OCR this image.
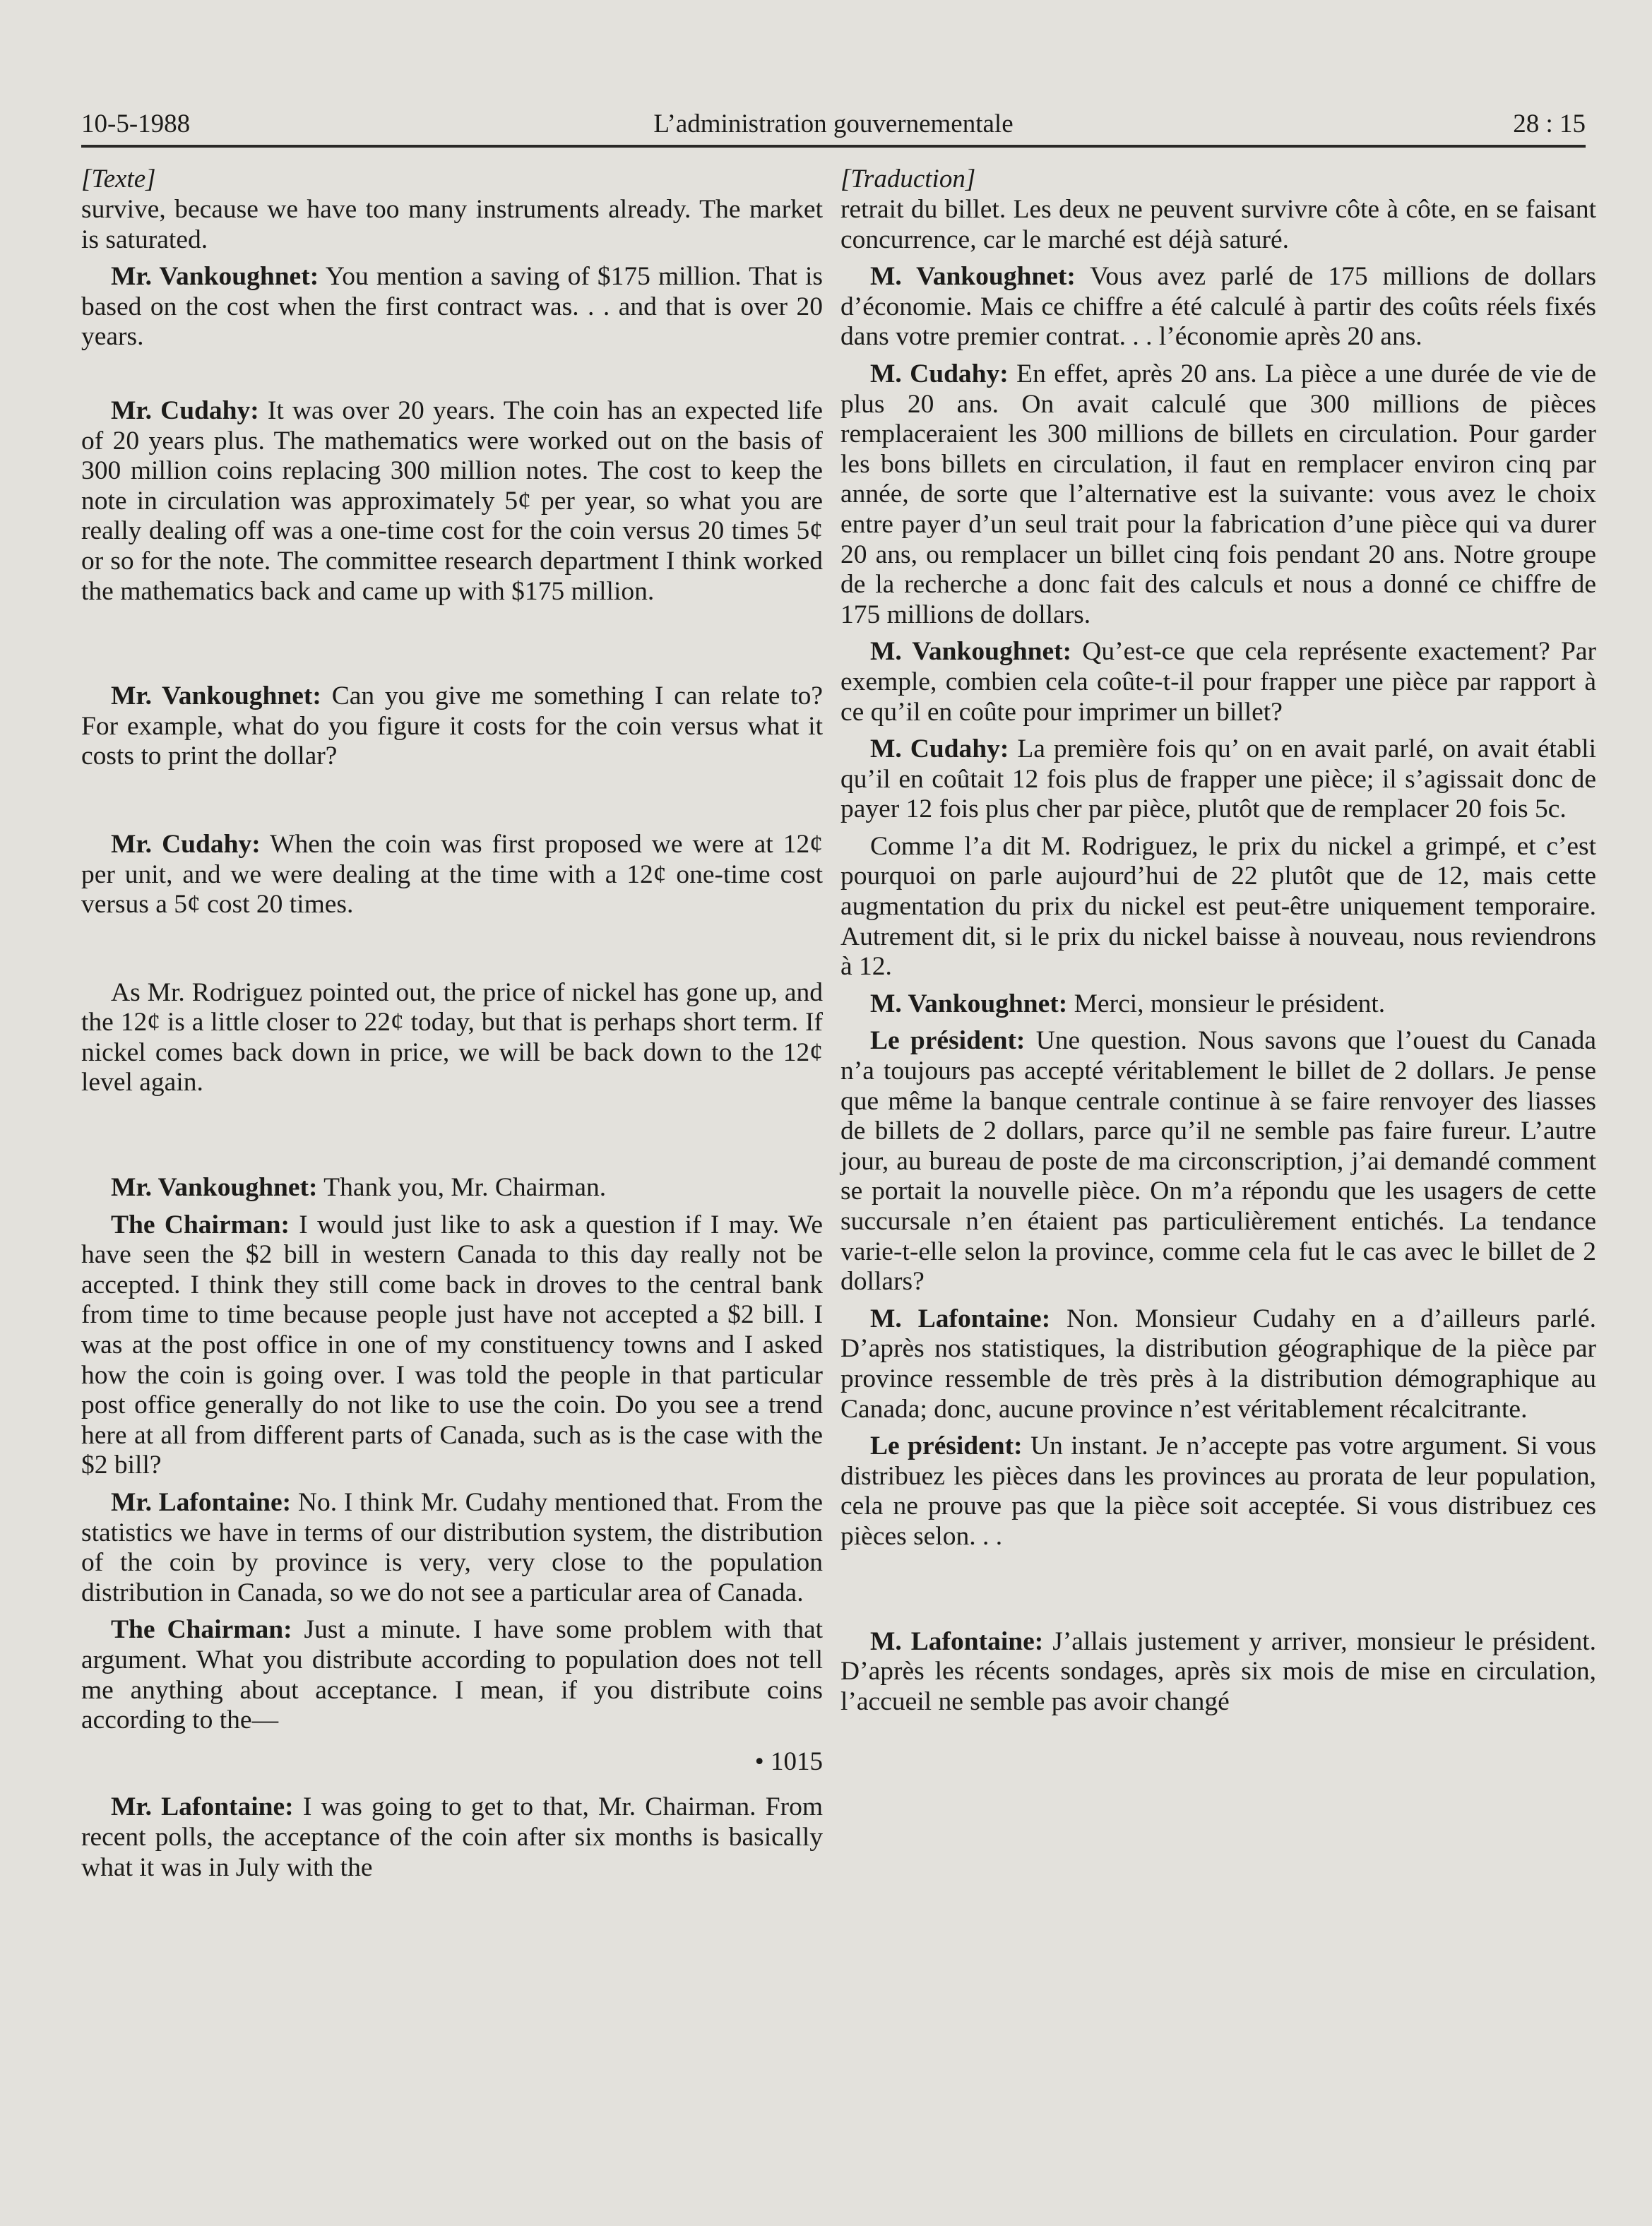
10-5-1988	L’administration gouvernementale	28 : 15
[Texte]

survive, because we have too many instruments already. The market is saturated.

Mr. Vankoughnet: You mention a saving of $175 million. That is based on the cost when the first contract was. . . and that is over 20 years.

Mr. Cudahy: It was over 20 years. The coin has an expected life of 20 years plus. The mathematics were worked out on the basis of 300 million coins replacing 300 million notes. The cost to keep the note in circulation was approximately 5¢ per year, so what you are really dealing off was a one-time cost for the coin versus 20 times 5¢ or so for the note. The committee research department I think worked the mathematics back and came up with $175 million.

Mr. Vankoughnet: Can you give me something I can relate to? For example, what do you figure it costs for the coin versus what it costs to print the dollar?

Mr. Cudahy: When the coin was first proposed we were at 12¢ per unit, and we were dealing at the time with a 12¢ one-time cost versus a 5¢ cost 20 times.

As Mr. Rodriguez pointed out, the price of nickel has gone up, and the 12¢ is a little closer to 22¢ today, but that is perhaps short term. If nickel comes back down in price, we will be back down to the 12¢ level again.

Mr. Vankoughnet: Thank you, Mr. Chairman.

The Chairman: I would just like to ask a question if I may. We have seen the $2 bill in western Canada to this day really not be accepted. I think they still come back in droves to the central bank from time to time because people just have not accepted a $2 bill. I was at the post office in one of my constituency towns and I asked how the coin is going over. I was told the people in that particular post office generally do not like to use the coin. Do you see a trend here at all from different parts of Canada, such as is the case with the $2 bill?

Mr. Lafontaine: No. I think Mr. Cudahy mentioned that. From the statistics we have in terms of our distribution system, the distribution of the coin by province is very, very close to the population distribution in Canada, so we do not see a particular area of Canada.

The Chairman: Just a minute. I have some problem with that argument. What you distribute according to population does not tell me anything about acceptance. I mean, if you distribute coins according to the—

• 1015

Mr. Lafontaine: I was going to get to that, Mr. Chairman. From recent polls, the acceptance of the coin after six months is basically what it was in July with the

[Traduction]

retrait du billet. Les deux ne peuvent survivre côte à côte, en se faisant concurrence, car le marché est déjà saturé.

M. Vankoughnet: Vous avez parlé de 175 millions de dollars d’économie. Mais ce chiffre a été calculé à partir des coûts réels fixés dans votre premier contrat. . . l’économie après 20 ans.

M. Cudahy: En effet, après 20 ans. La pièce a une durée de vie de plus 20 ans. On avait calculé que 300 millions de pièces remplaceraient les 300 millions de billets en circulation. Pour garder les bons billets en circulation, il faut en remplacer environ cinq par année, de sorte que l’alternative est la suivante: vous avez le choix entre payer d’un seul trait pour la fabrication d’une pièce qui va durer 20 ans, ou remplacer un billet cinq fois pendant 20 ans. Notre groupe de la recherche a donc fait des calculs et nous a donné ce chiffre de 175 millions de dollars.

M. Vankoughnet: Qu’est-ce que cela représente exactement? Par exemple, combien cela coûte-t-il pour frapper une pièce par rapport à ce qu’il en coûte pour imprimer un billet?

M. Cudahy: La première fois qu’ on en avait parlé, on avait établi qu’il en coûtait 12 fois plus de frapper une pièce; il s’agissait donc de payer 12 fois plus cher par pièce, plutôt que de remplacer 20 fois 5c.

Comme l’a dit M. Rodriguez, le prix du nickel a grimpé, et c’est pourquoi on parle aujourd’hui de 22 plutôt que de 12, mais cette augmentation du prix du nickel est peut-être uniquement temporaire. Autrement dit, si le prix du nickel baisse à nouveau, nous reviendrons à 12.

M. Vankoughnet: Merci, monsieur le président.

Le président: Une question. Nous savons que l’ouest du Canada n’a toujours pas accepté véritablement le billet de 2 dollars. Je pense que même la banque centrale continue à se faire renvoyer des liasses de billets de 2 dollars, parce qu’il ne semble pas faire fureur. L’autre jour, au bureau de poste de ma circonscription, j’ai demandé comment se portait la nouvelle pièce. On m’a répondu que les usagers de cette succursale n’en étaient pas particulièrement entichés. La tendance varie-t-elle selon la province, comme cela fut le cas avec le billet de 2 dollars?

M. Lafontaine: Non. Monsieur Cudahy en a d’ailleurs parlé. D’après nos statistiques, la distribution géographique de la pièce par province ressemble de très près à la distribution démographique au Canada; donc, aucune province n’est véritablement récalcitrante.

Le président: Un instant. Je n’accepte pas votre argument. Si vous distribuez les pièces dans les provinces au prorata de leur population, cela ne prouve pas que la pièce soit acceptée. Si vous distribuez ces pièces selon. . .

M. Lafontaine: J’allais justement y arriver, monsieur le président. D’après les récents sondages, après six mois de mise en circulation, l’accueil ne semble pas avoir changé
